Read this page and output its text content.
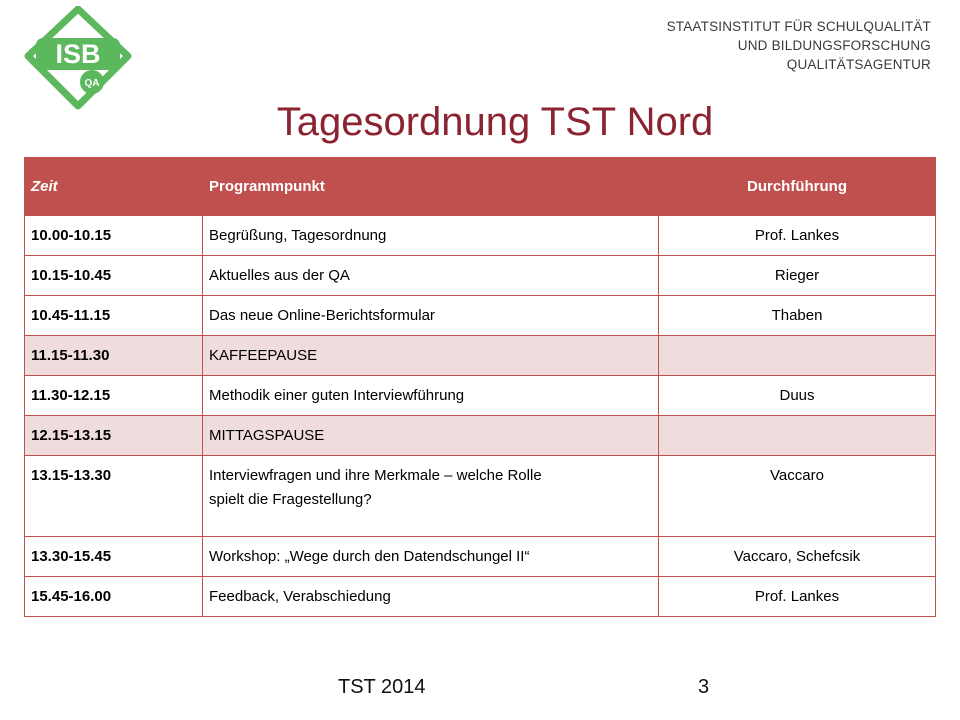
ISB
QA
STAATSINSTITUT FÜR SCHULQUALITÄT
UND BILDUNGSFORSCHUNG
QUALITÄTSAGENTUR
Tagesordnung TST Nord
Zeit	Programmpunkt	Durchführung
10.00-10.15	Begrüßung, Tagesordnung	Prof. Lankes
10.15-10.45	Aktuelles aus der QA	Rieger
10.45-11.15	Das neue Online-Berichtsformular	Thaben
11.15-11.30	KAFFEEPAUSE	
11.30-12.15	Methodik einer guten Interviewführung	Duus
12.15-13.15	MITTAGSPAUSE	
13.15-13.30	Interviewfragen und ihre Merkmale – welche Rolle
spielt die Fragestellung?	Vaccaro
13.30-15.45	Workshop: „Wege durch den Datendschungel II“	Vaccaro, Schefcsik
15.45-16.00	Feedback, Verabschiedung	Prof. Lankes
TST 2014	3
